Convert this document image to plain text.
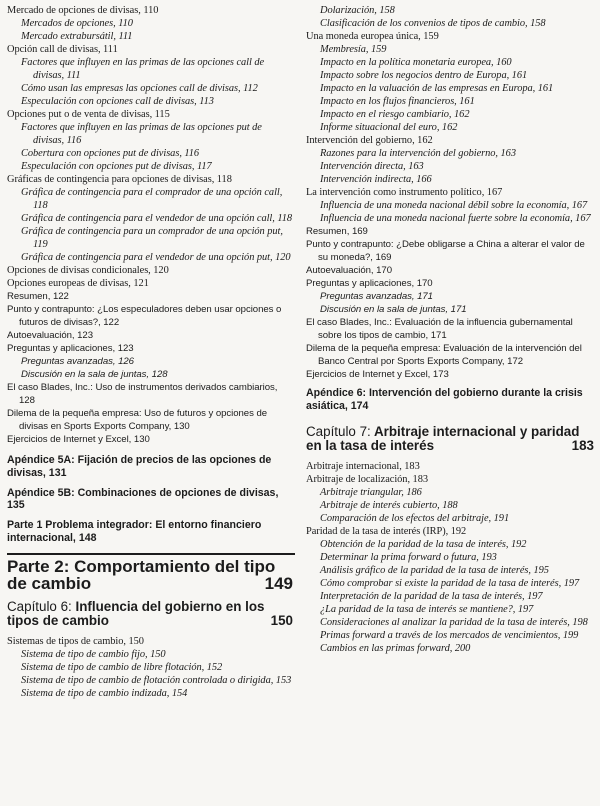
Mercado de opciones de divisas, 110
Mercados de opciones, 110
Mercado extrabursátil, 111
Opción call de divisas, 111
Factores que influyen en las primas de las opciones call de divisas, 111
Cómo usan las empresas las opciones call de divisas, 112
Especulación con opciones call de divisas, 113
Opciones put o de venta de divisas, 115
Factores que influyen en las primas de las opciones put de divisas, 116
Cobertura con opciones put de divisas, 116
Especulación con opciones put de divisas, 117
Gráficas de contingencia para opciones de divisas, 118
Gráfica de contingencia para el comprador de una opción call, 118
Gráfica de contingencia para el vendedor de una opción call, 118
Gráfica de contingencia para un comprador de una opción put, 119
Gráfica de contingencia para el vendedor de una opción put, 120
Opciones de divisas condicionales, 120
Opciones europeas de divisas, 121
Resumen, 122
Punto y contrapunto: ¿Los especuladores deben usar opciones o futuros de divisas?, 122
Autoevaluación, 123
Preguntas y aplicaciones, 123
Preguntas avanzadas, 126
Discusión en la sala de juntas, 128
El caso Blades, Inc.: Uso de instrumentos derivados cambiarios, 128
Dilema de la pequeña empresa: Uso de futuros y opciones de divisas en Sports Exports Company, 130
Ejercicios de Internet y Excel, 130
Apéndice 5A: Fijación de precios de las opciones de divisas, 131
Apéndice 5B: Combinaciones de opciones de divisas, 135
Parte 1 Problema integrador: El entorno financiero internacional, 148
Parte 2: Comportamiento del tipo de cambio	149
Capítulo 6: Influencia del gobierno en los tipos de cambio	150
Sistemas de tipos de cambio, 150
Sistema de tipo de cambio fijo, 150
Sistema de tipo de cambio de libre flotación, 152
Sistema de tipo de cambio de flotación controlada o dirigida, 153
Sistema de tipo de cambio indizada, 154
Dolarización, 158
Clasificación de los convenios de tipos de cambio, 158
Una moneda europea única, 159
Membresía, 159
Impacto en la política monetaria europea, 160
Impacto sobre los negocios dentro de Europa, 161
Impacto en la valuación de las empresas en Europa, 161
Impacto en los flujos financieros, 161
Impacto en el riesgo cambiario, 162
Informe situacional del euro, 162
Intervención del gobierno, 162
Razones para la intervención del gobierno, 163
Intervención directa, 163
Intervención indirecta, 166
La intervención como instrumento político, 167
Influencia de una moneda nacional débil sobre la economía, 167
Influencia de una moneda nacional fuerte sobre la economía, 167
Resumen, 169
Punto y contrapunto: ¿Debe obligarse a China a alterar el valor de su moneda?, 169
Autoevaluación, 170
Preguntas y aplicaciones, 170
Preguntas avanzadas, 171
Discusión en la sala de juntas, 171
El caso Blades, Inc.: Evaluación de la influencia gubernamental sobre los tipos de cambio, 171
Dilema de la pequeña empresa: Evaluación de la intervención del Banco Central por Sports Exports Company, 172
Ejercicios de Internet y Excel, 173
Apéndice 6: Intervención del gobierno durante la crisis asiática, 174
Capítulo 7: Arbitraje internacional y paridad en la tasa de interés	183
Arbitraje internacional, 183
Arbitraje de localización, 183
Arbitraje triangular, 186
Arbitraje de interés cubierto, 188
Comparación de los efectos del arbitraje, 191
Paridad de la tasa de interés (IRP), 192
Obtención de la paridad de la tasa de interés, 192
Determinar la prima forward o futura, 193
Análisis gráfico de la paridad de la tasa de interés, 195
Cómo comprobar si existe la paridad de la tasa de interés, 197
Interpretación de la paridad de la tasa de interés, 197
¿La paridad de la tasa de interés se mantiene?, 197
Consideraciones al analizar la paridad de la tasa de interés, 198
Primas forward a través de los mercados de vencimientos, 199
Cambios en las primas forward, 200
